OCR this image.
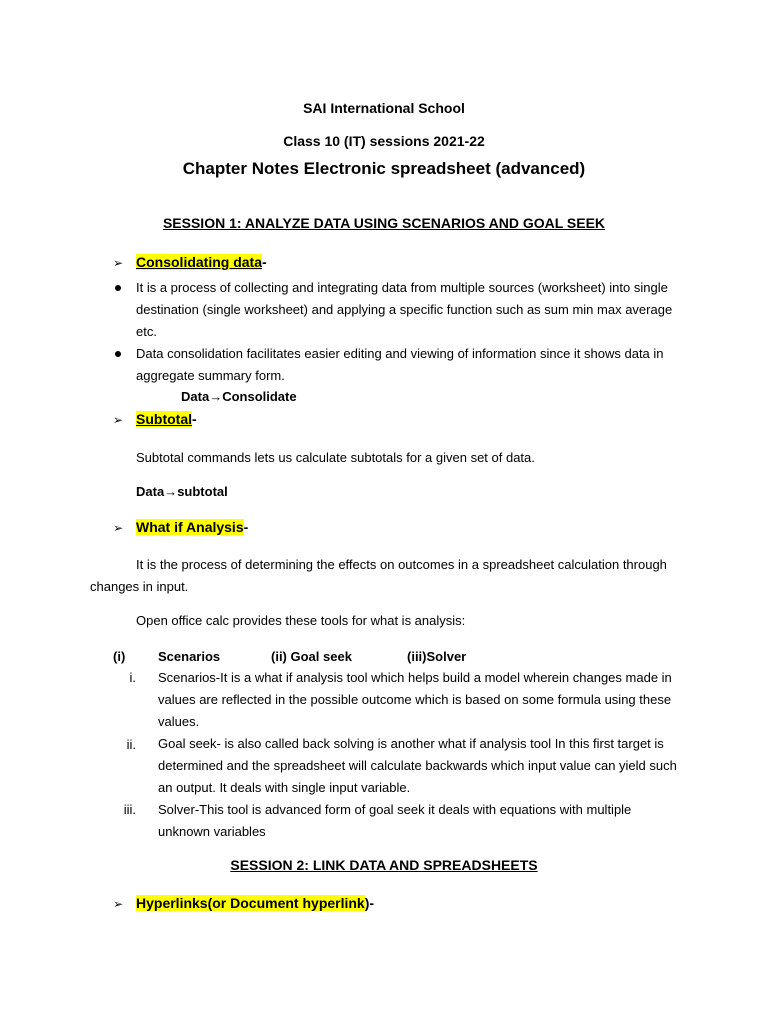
SAI International School
Class 10 (IT) sessions 2021-22
Chapter Notes Electronic spreadsheet (advanced)
SESSION 1: ANALYZE DATA USING SCENARIOS AND GOAL SEEK
➢ Consolidating data-
It is a process of collecting and integrating data from multiple sources (worksheet) into single destination (single worksheet) and applying a specific function such as sum min max average etc.
Data consolidation facilitates easier editing and viewing of information since it shows data in aggregate summary form.
Data→Consolidate
➢ Subtotal-
Subtotal commands lets us calculate subtotals for a given set of data.
Data→subtotal
➢ What if Analysis-
It is the process of determining the effects on outcomes in a spreadsheet calculation through changes in input.
Open office calc provides these tools for what is analysis:
(i)	Scenarios	(ii) Goal seek	(iii)Solver
i. Scenarios-It is a what if analysis tool which helps build a model wherein changes made in values are reflected in the possible outcome which is based on some formula using these values.
ii. Goal seek- is also called back solving is another what if analysis tool In this first target is determined and the spreadsheet will calculate backwards which input value can yield such an output. It deals with single input variable.
iii. Solver-This tool is advanced form of goal seek it deals with equations with multiple unknown variables
SESSION 2: LINK DATA AND SPREADSHEETS
➢ Hyperlinks(or Document hyperlink)-
